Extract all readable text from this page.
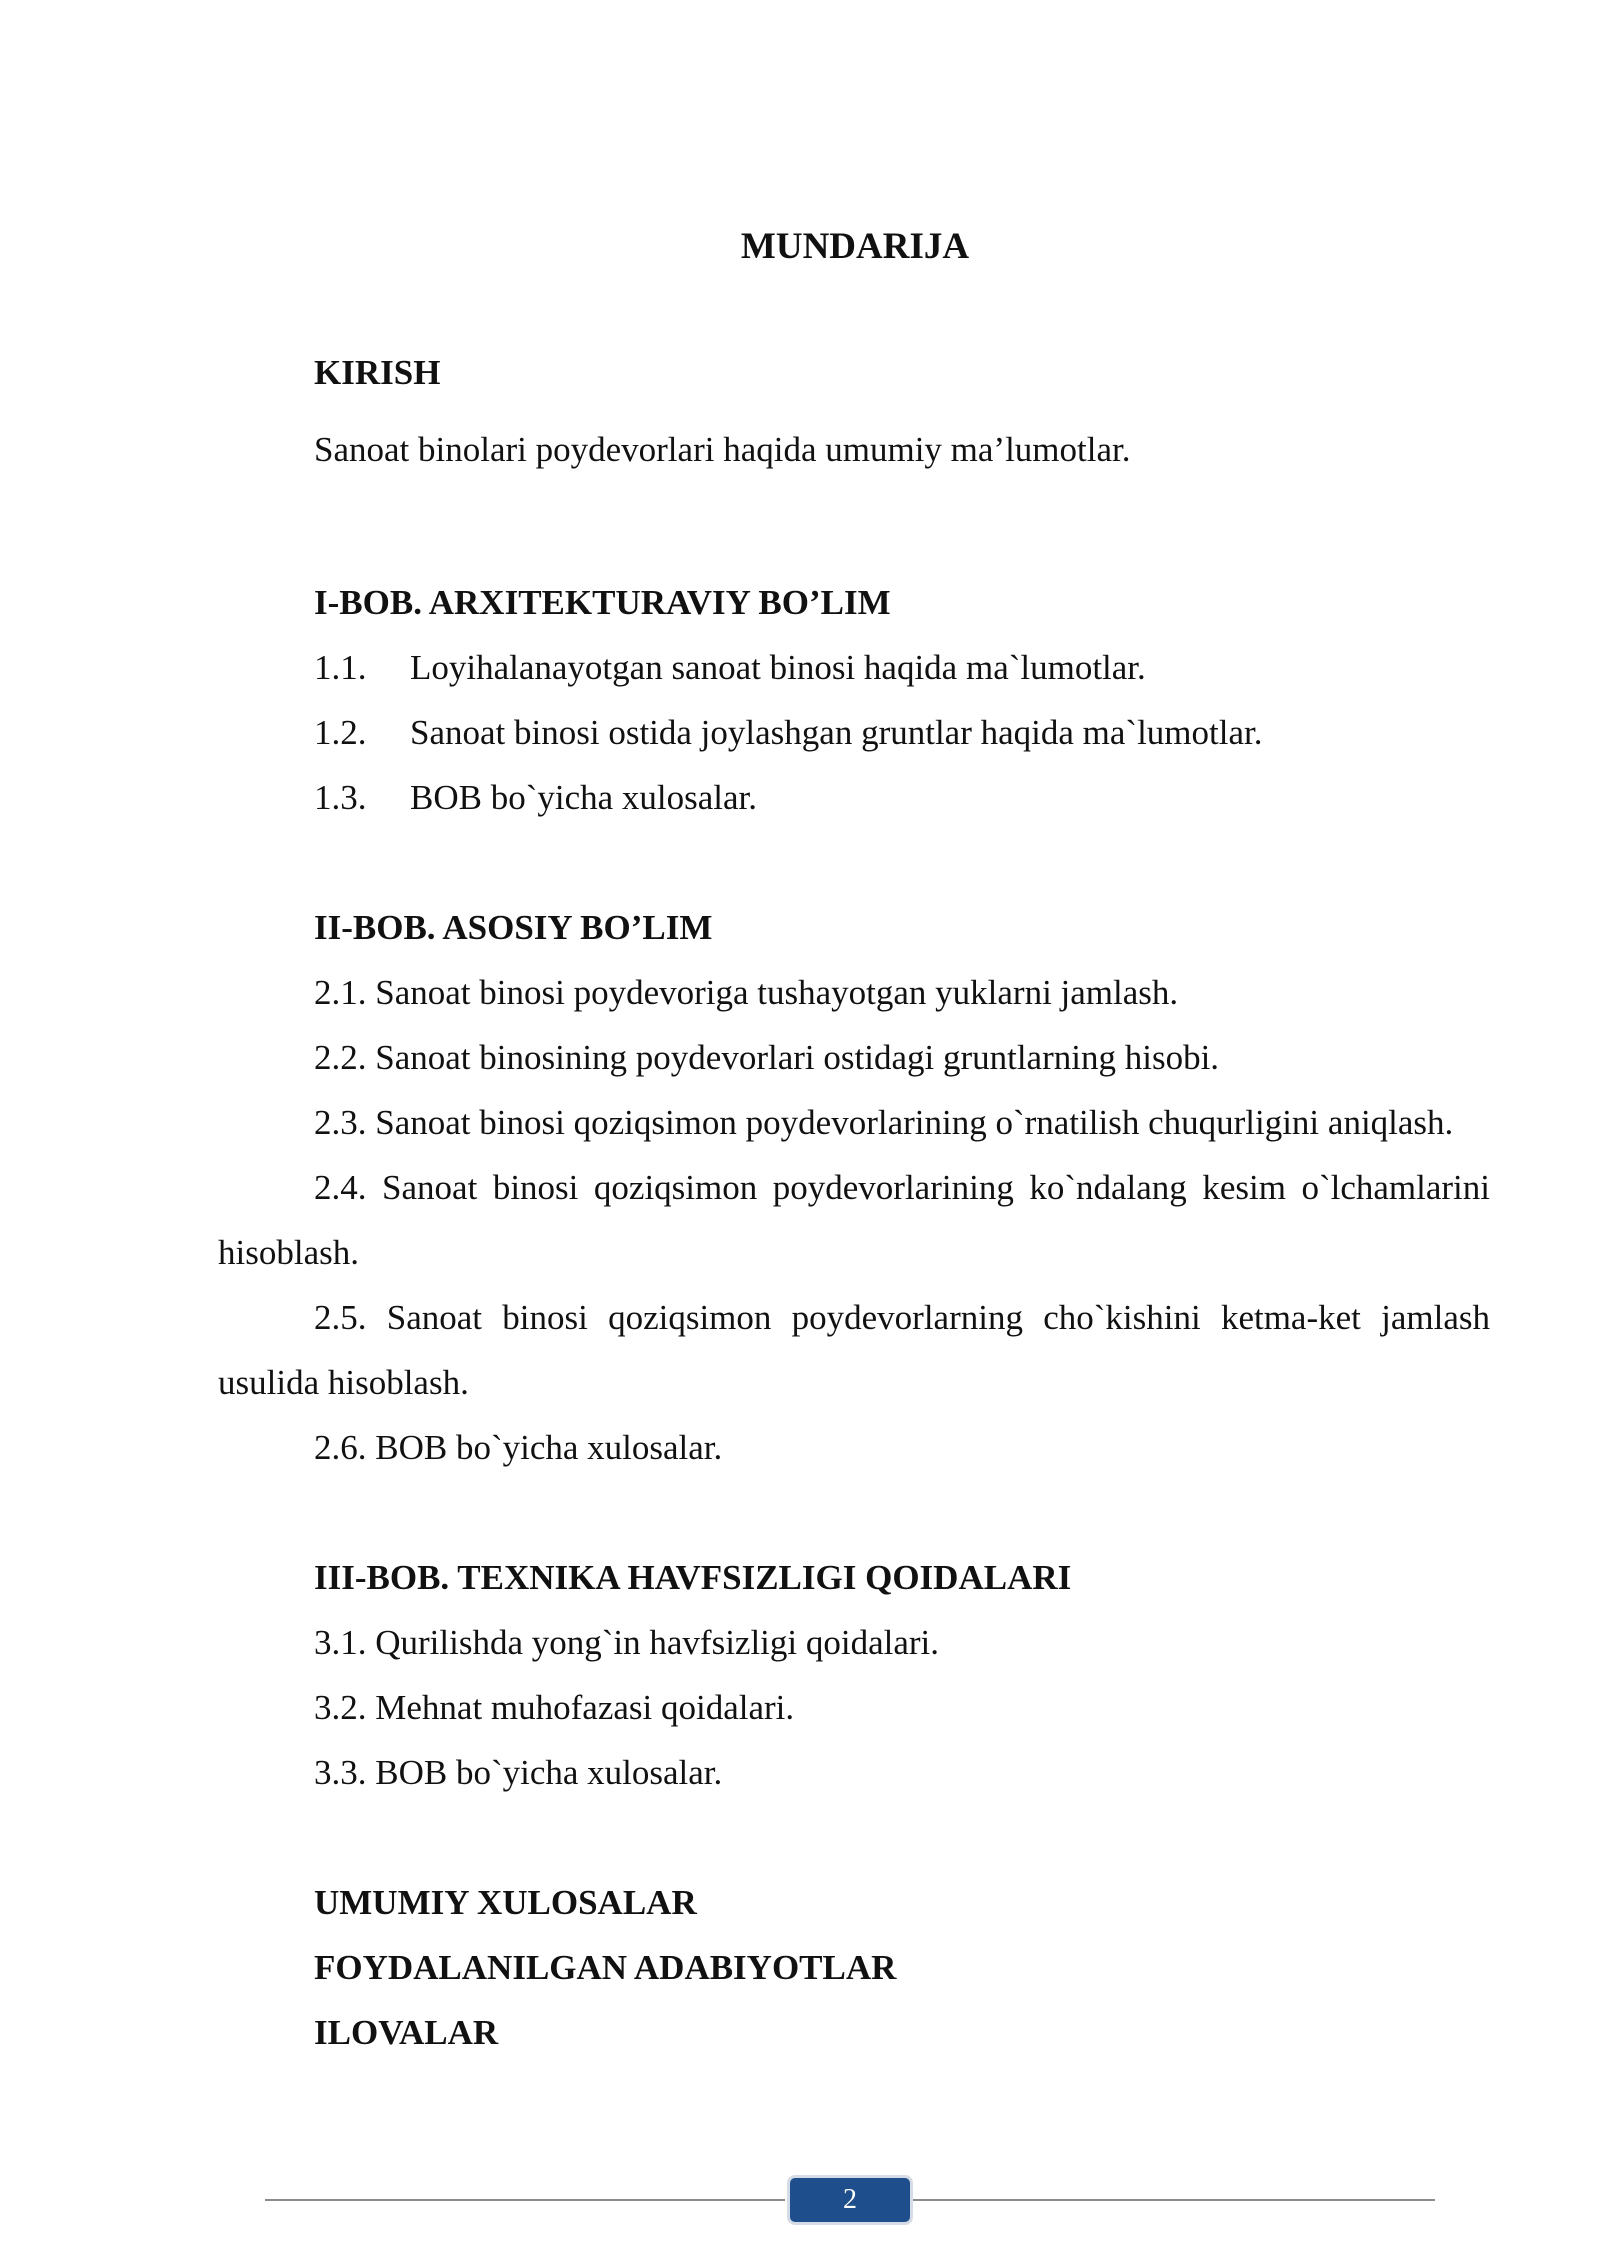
MUNDARIJA

KIRISH

Sanoat binolari poydevorlari haqida umumiy ma’lumotlar.

I-BOB. ARXITEKTURAVIY BO’LIM

1.1. Loyihalanayotgan sanoat binosi haqida ma`lumotlar.

1.2. Sanoat binosi ostida joylashgan gruntlar haqida ma`lumotlar.

1.3. BOB bo`yicha xulosalar.

II-BOB. ASOSIY BO’LIM

2.1. Sanoat binosi poydevoriga tushayotgan yuklarni jamlash.

2.2. Sanoat binosining poydevorlari ostidagi gruntlarning hisobi.

2.3. Sanoat binosi qoziqsimon poydevorlarining o`rnatilish chuqurligini aniqlash.

2.4. Sanoat binosi qoziqsimon poydevorlarining ko`ndalang kesim o`lchamlarini hisoblash.

2.5. Sanoat binosi qoziqsimon poydevorlarning cho`kishini ketma-ket jamlash usulida hisoblash.

2.6. BOB bo`yicha xulosalar.

III-BOB. TEXNIKA HAVFSIZLIGI QOIDALARI

3.1. Qurilishda yong`in havfsizligi qoidalari.

3.2. Mehnat muhofazasi qoidalari.

3.3. BOB bo`yicha xulosalar.

UMUMIY XULOSALAR

FOYDALANILGAN ADABIYOTLAR

ILOVALAR

2
